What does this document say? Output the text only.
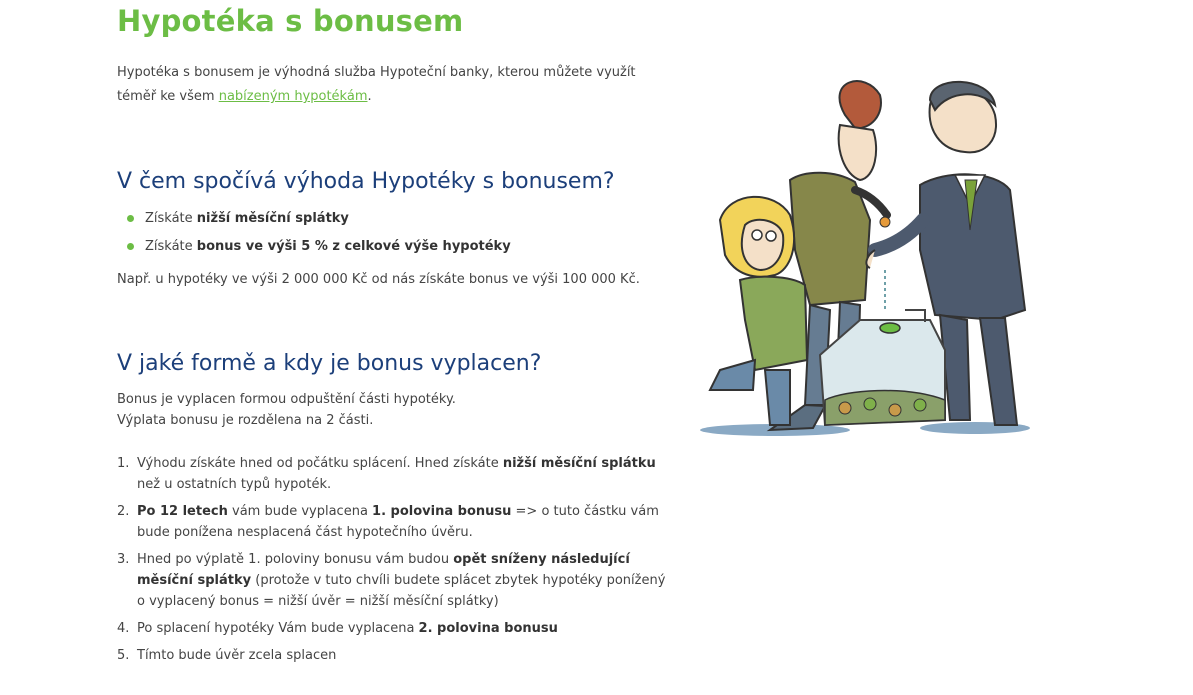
Hypotéka s bonusem

Hypotéka s bonusem je výhodná služba Hypoteční banky, kterou můžete využít téměř ke všem nabízeným hypotékám.

V čem spočívá výhoda Hypotéky s bonusem?
Získáte nižší měsíční splátky
Získáte bonus ve výši 5 % z celkové výše hypotéky

Např. u hypotéky ve výši 2 000 000 Kč od nás získáte bonus ve výši 100 000 Kč.

V jaké formě a kdy je bonus vyplacen?

Bonus je vyplacen formou odpuštění části hypotéky.
Výplata bonusu je rozdělena na 2 části.

1. Výhodu získáte hned od počátku splácení. Hned získáte nižší měsíční splátku než u ostatních typů hypoték.
2. Po 12 letech vám bude vyplacena 1. polovina bonusu => o tuto částku vám bude ponížena nesplacená část hypotečního úvěru.
3. Hned po výplatě 1. poloviny bonusu vám budou opět sníženy následující měsíční splátky (protože v tuto chvíli budete splácet zbytek hypotéky ponížený o vyplacený bonus = nižší úvěr = nižší měsíční splátky)
4. Po splacení hypotéky Vám bude vyplacena 2. polovina bonusu
5. Tímto bude úvěr zcela splacen
